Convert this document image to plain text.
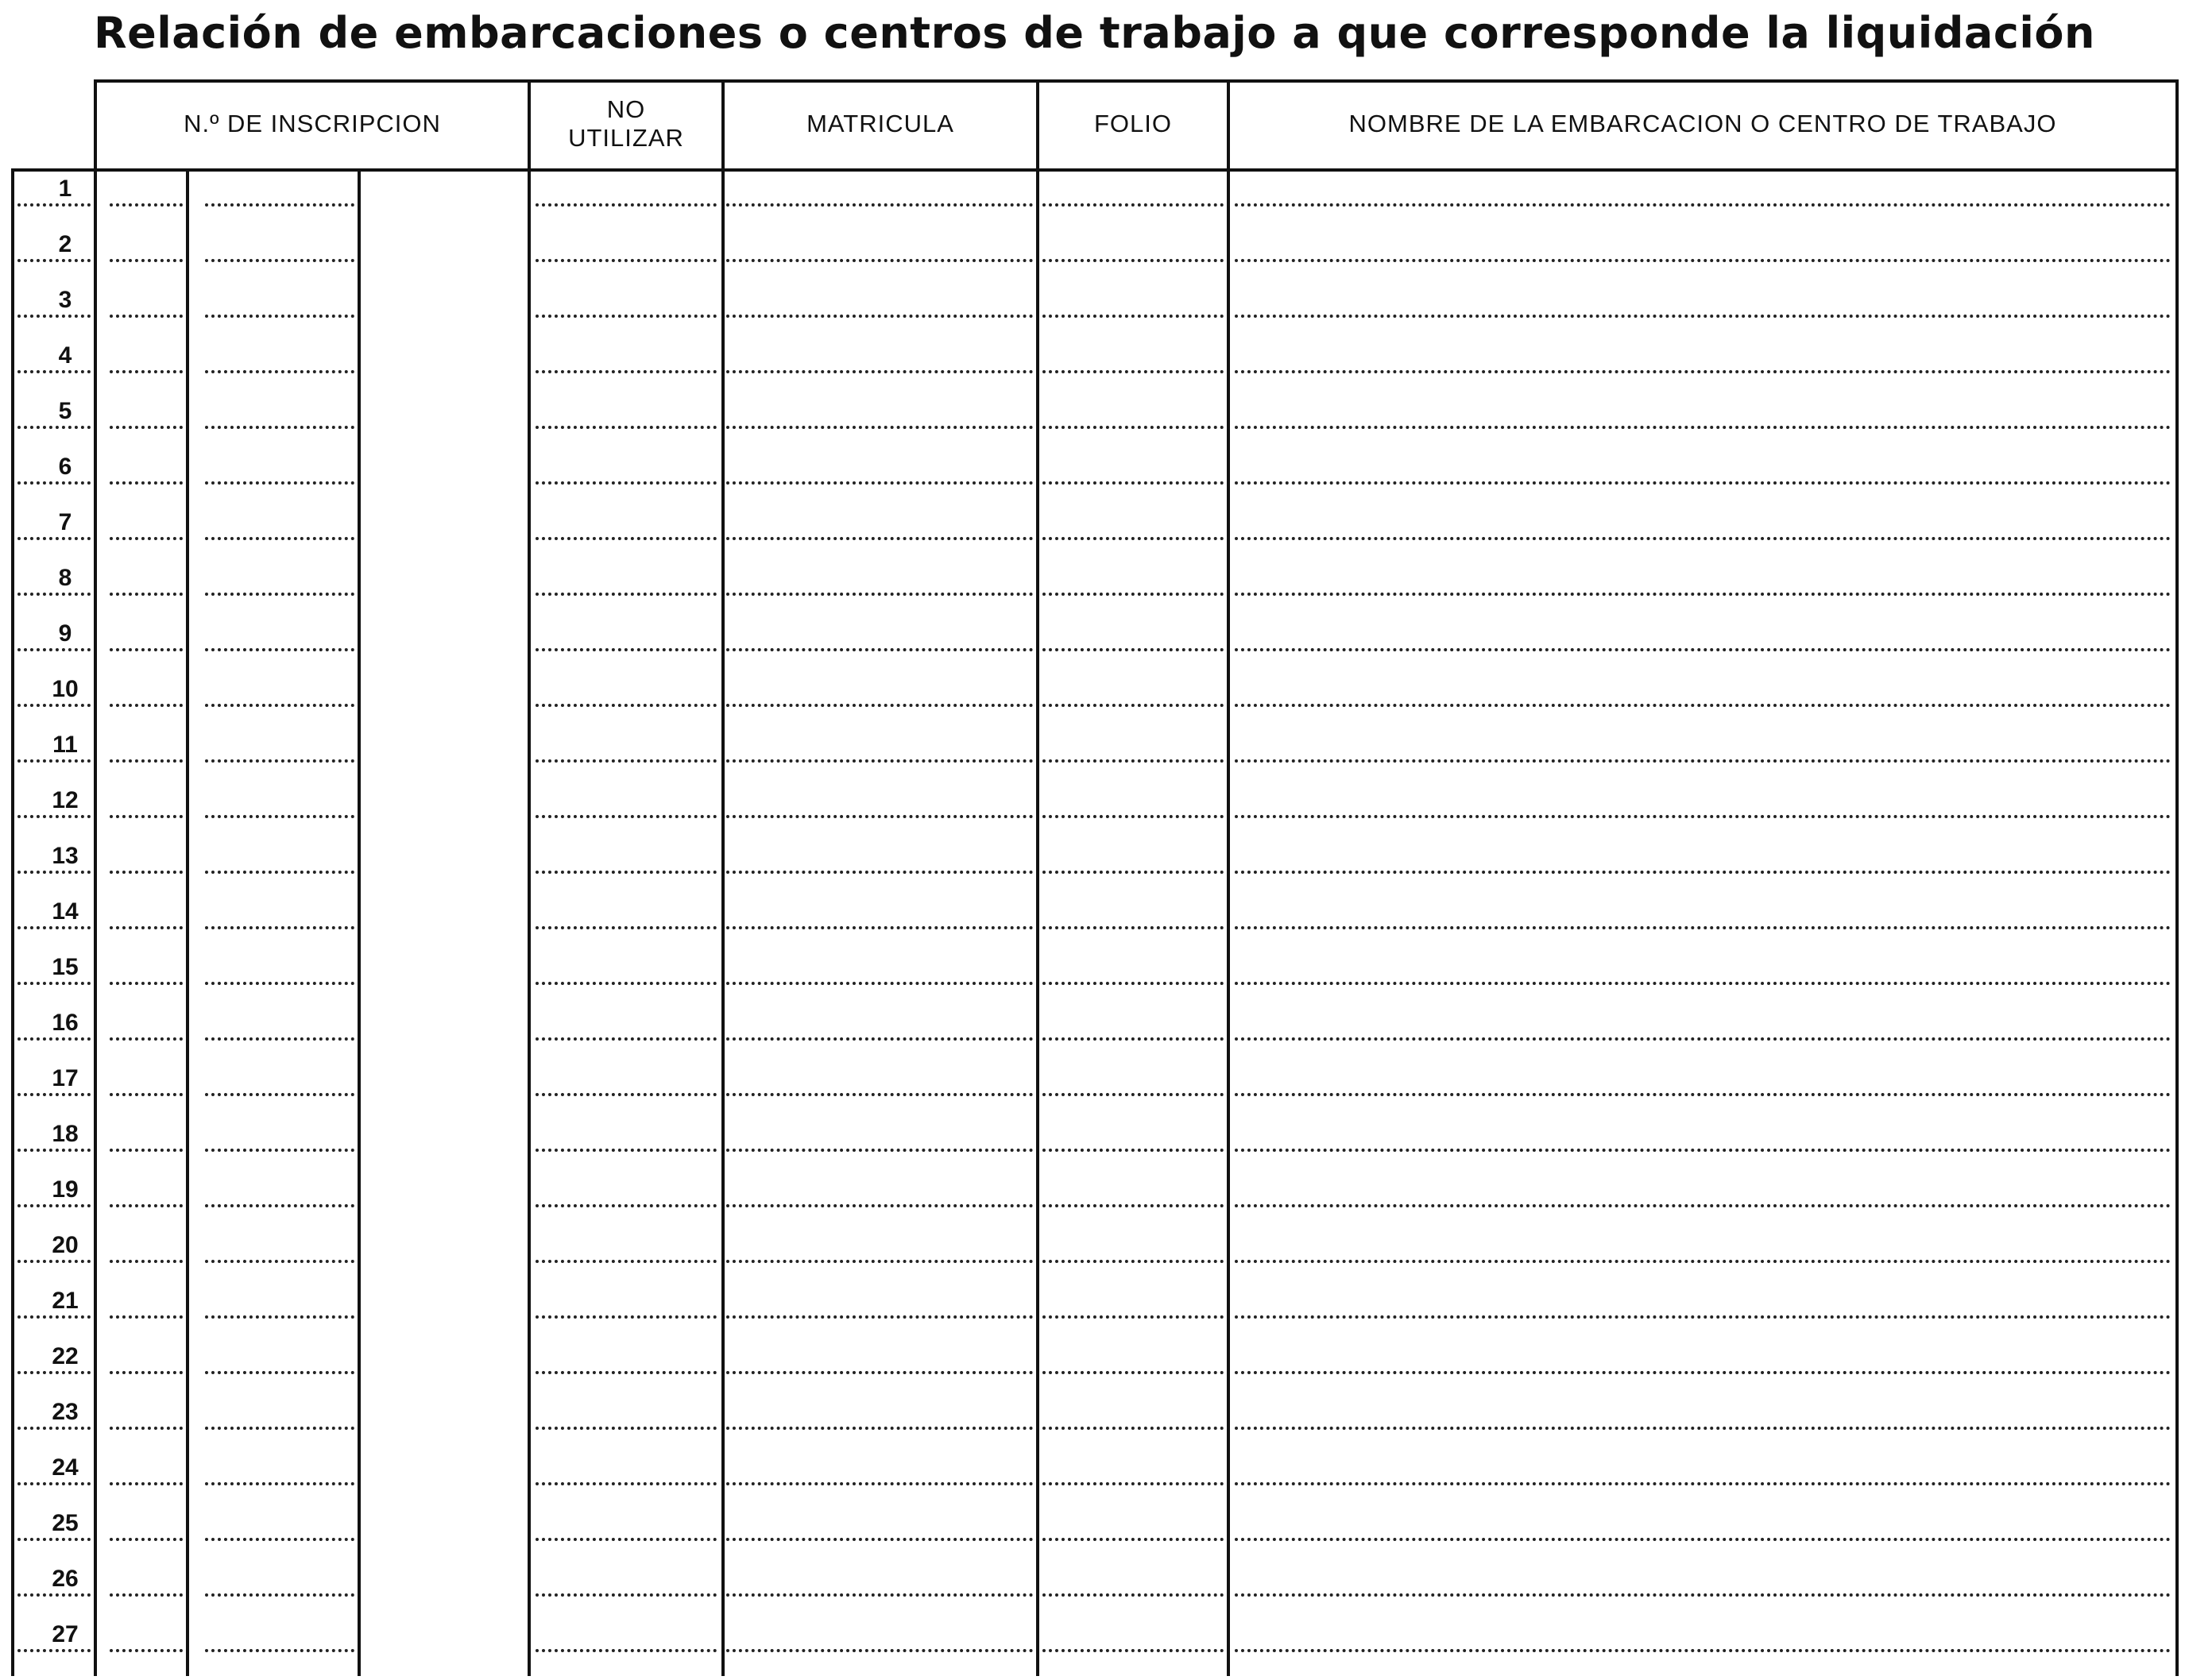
Relación de embarcaciones o centros de trabajo a que corresponde la liquidación
N.º DE INSCRIPCION
NO
UTILIZAR
MATRICULA	FOLIO	NOMBRE DE LA EMBARCACION O CENTRO DE TRABAJO
1
2
3
4
5
6
7
8
9
10
11
12
13
14
15
16
17
18
19
20
21
22
23
24
25
26
27
